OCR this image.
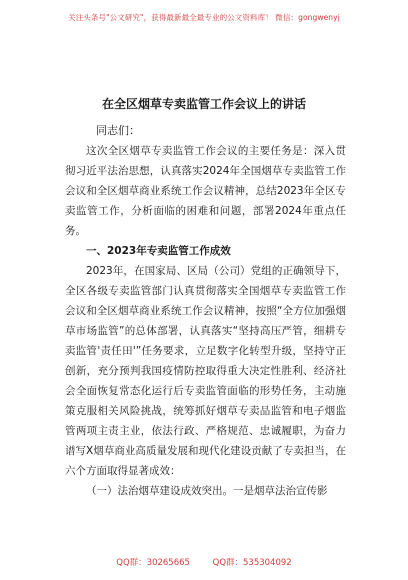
关注头条号"公文研究"，获得最新最全最专业的公文资料库！ 微信：gongwenyj
在全区烟草专卖监管工作会议上的讲话
同志们：

这次全区烟草专卖监管工作会议的主要任务是：深入贯彻习近平法治思想，认真落实2024年全国烟草专卖监管工作会议和全区烟草商业系统工作会议精神，总结2023年全区专卖监管工作，分析面临的困难和问题，部署2024年重点任务。

一、2023年专卖监管工作成效

2023年，在国家局、区局（公司）党组的正确领导下，全区各级专卖监管部门认真贯彻落实全国烟草专卖监管工作会议和全区烟草商业系统工作会议精神，按照“全方位加强烟草市场监管”的总体部署，认真落实“坚持高压严管，细耕专卖监管'责任田'”任务要求，立足数字化转型升级，坚持守正创新，充分预判我国疫情防控取得重大决定性胜利、经济社会全面恢复常态化运行后专卖监管面临的形势任务，主动施策克服相关风险挑战，统筹抓好烟草专卖品监管和电子烟监管两项主责主业，依法行政、严格规范、忠诚履职，为奋力谱写X烟草商业高质量发展和现代化建设贡献了专卖担当，在六个方面取得显著成效：

（一）法治烟草建设成效突出。一是烟草法治宣传影

QQ群：30265665	QQ群：535304092
